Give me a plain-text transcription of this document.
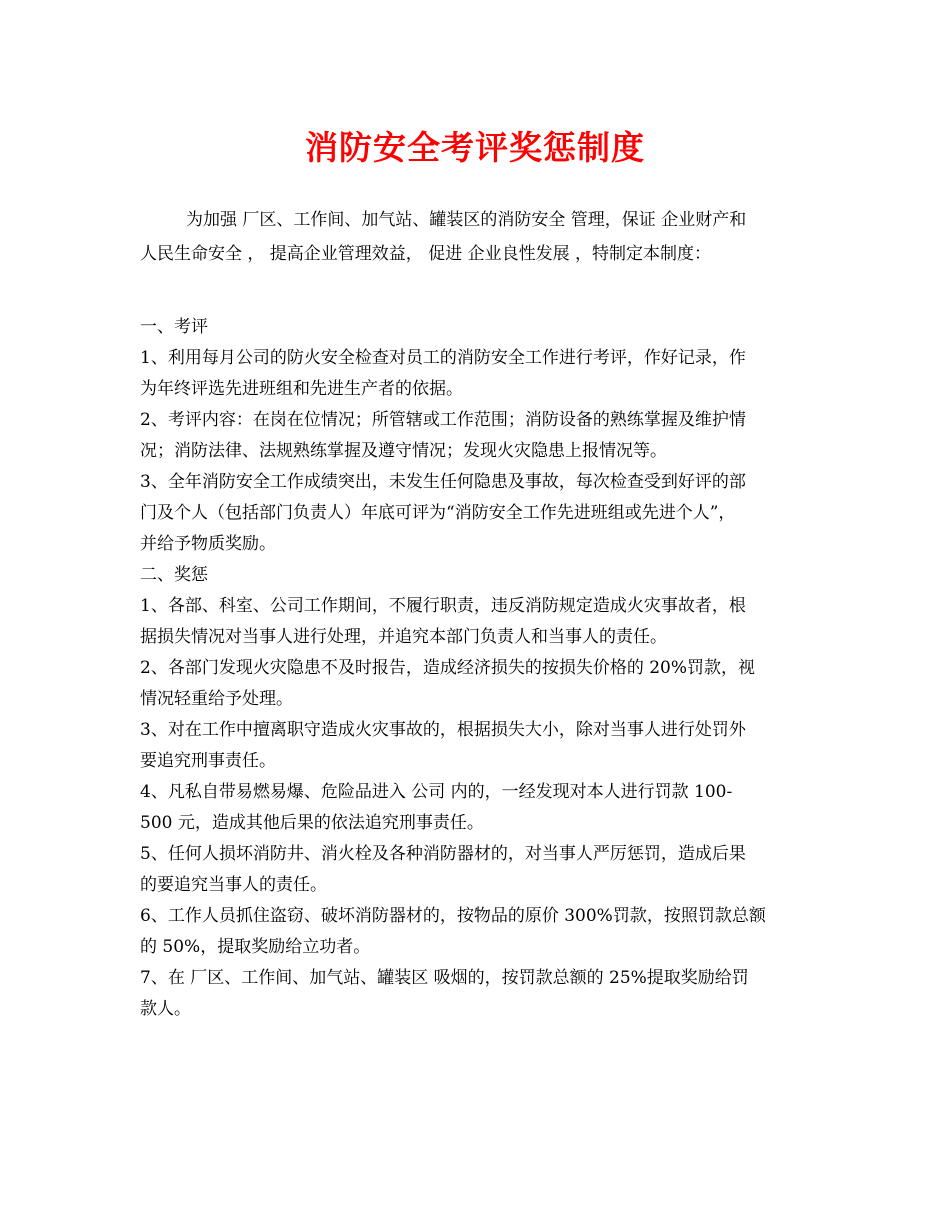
消防安全考评奖惩制度
为加强 厂区、工作间、加气站、罐装区的消防安全 管理，保证 企业财产和
人民生命安全 ， 提高企业管理效益， 促进 企业良性发展 ，特制定本制度：
一、考评
1、利用每月公司的防火安全检查对员工的消防安全工作进行考评，作好记录，作
为年终评选先进班组和先进生产者的依据。
2、考评内容：在岗在位情况；所管辖或工作范围；消防设备的熟练掌握及维护情
况；消防法律、法规熟练掌握及遵守情况；发现火灾隐患上报情况等。
3、全年消防安全工作成绩突出，未发生任何隐患及事故，每次检查受到好评的部
门及个人（包括部门负责人）年底可评为“消防安全工作先进班组或先进个人”，
并给予物质奖励。
二、奖惩
1、各部、科室、公司工作期间，不履行职责，违反消防规定造成火灾事故者，根
据损失情况对当事人进行处理，并追究本部门负责人和当事人的责任。
2、各部门发现火灾隐患不及时报告，造成经济损失的按损失价格的 20%罚款，视
情况轻重给予处理。
3、对在工作中擅离职守造成火灾事故的，根据损失大小，除对当事人进行处罚外
要追究刑事责任。
4、凡私自带易燃易爆、危险品进入 公司 内的，一经发现对本人进行罚款 100-
500 元，造成其他后果的依法追究刑事责任。
5、任何人损坏消防井、消火栓及各种消防器材的，对当事人严厉惩罚，造成后果
的要追究当事人的责任。
6、工作人员抓住盗窃、破坏消防器材的，按物品的原价 300%罚款，按照罚款总额
的 50%，提取奖励给立功者。
7、在 厂区、工作间、加气站、罐装区 吸烟的，按罚款总额的 25%提取奖励给罚
款人。
